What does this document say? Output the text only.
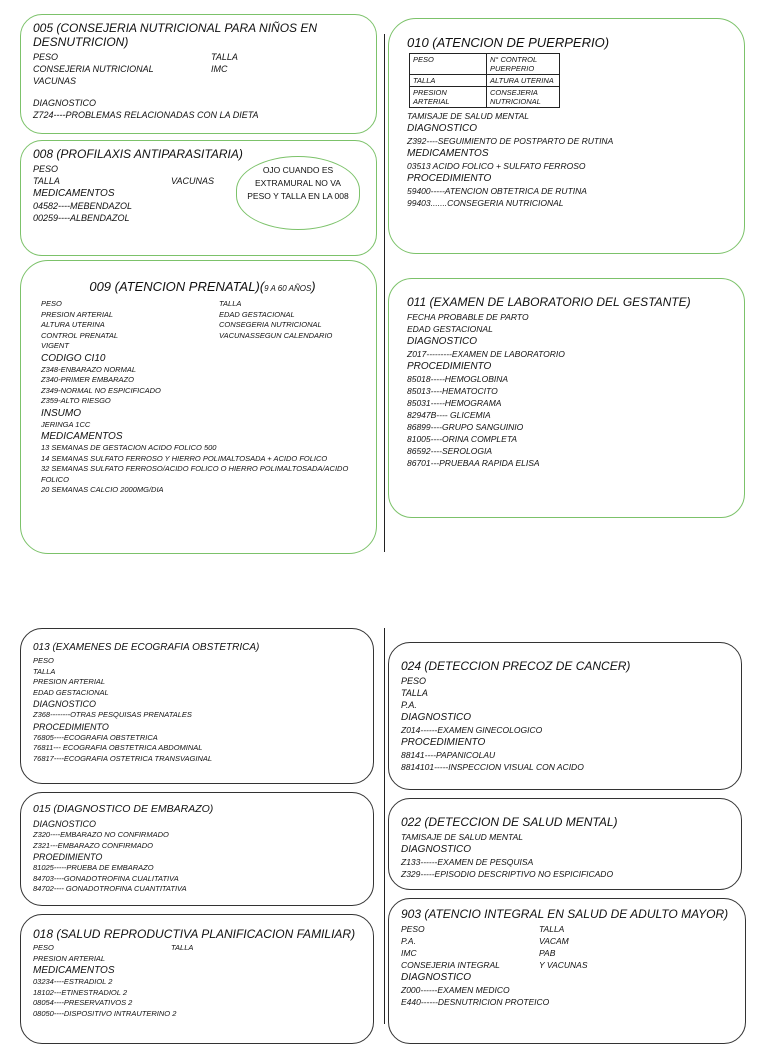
005 (CONSEJERIA NUTRICIONAL PARA NIÑOS EN DESNUTRICION)
PESO	TALLA
CONSEJERIA NUTRICIONAL	IMC
VACUNAS
DIAGNOSTICO
Z724----PROBLEMAS RELACIONADAS CON LA DIETA
008 (PROFILAXIS ANTIPARASITARIA)
PESO
TALLA	VACUNAS
MEDICAMENTOS
04582----MEBENDAZOL
00259----ALBENDAZOL
OJO CUANDO ES EXTRAMURAL NO VA PESO Y TALLA EN LA 008
009 (ATENCION PRENATAL)(9 A 60 AÑOS)
PESO	TALLA
PRESION ARTERIAL	EDAD GESTACIONAL
ALTURA UTERINA	CONSEGERIA NUTRICIONAL
CONTROL PRENATAL	VACUNASSEGUN CALENDARIO
VIGENT
CODIGO CI10
Z348-ENBARAZO NORMAL
Z340-PRIMER EMBARAZO
Z349-NORMAL NO ESPICIFICADO
Z359-ALTO RIESGO
INSUMO
JERINGA 1CC
MEDICAMENTOS
13 SEMANAS DE GESTACION ACIDO FOLICO 500
14 SEMANAS SULFATO FERROSO Y HIERRO POLIMALTOSADA + ACIDO FOLICO
32 SEMANAS SULFATO FERROSO/ACIDO FOLICO O HIERRO POLIMALTOSADA/ACIDO
FOLICO
20 SEMANAS CALCIO 2000MG/DIA
010 (ATENCION DE PUERPERIO)
PESO	N° CONTROL PUERPERIO
TALLA	ALTURA UTERINA
PRESION ARTERIAL	CONSEJERIA NUTRICIONAL
TAMISAJE DE SALUD MENTAL
DIAGNOSTICO
Z392----SEGUIMIENTO DE POSTPARTO DE RUTINA
MEDICAMENTOS
03513 ACIDO FOLICO + SULFATO FERROSO
PROCEDIMIENTO
59400-----ATENCION OBTETRICA DE RUTINA
99403.......CONSEGERIA NUTRICIONAL
011 (EXAMEN DE LABORATORIO DEL GESTANTE)
FECHA PROBABLE DE PARTO
EDAD GESTACIONAL
DIAGNOSTICO
Z017---------EXAMEN DE LABORATORIO
PROCEDIMIENTO
85018-----HEMOGLOBINA
85013----HEMATOCITO
85031-----HEMOGRAMA
82947B---- GLICEMIA
86899----GRUPO SANGUINIO
81005----ORINA COMPLETA
86592----SEROLOGIA
86701---PRUEBAA RAPIDA ELISA
013 (EXAMENES DE ECOGRAFIA OBSTETRICA)
PESO
TALLA
PRESION ARTERIAL
EDAD GESTACIONAL
DIAGNOSTICO
Z368--------OTRAS PESQUISAS PRENATALES
PROCEDIMIENTO
76805----ECOGRAFIA OBSTETRICA
76811--- ECOGRAFIA OBSTETRICA ABDOMINAL
76817----ECOGRAFIA OSTETRICA TRANSVAGINAL
015 (DIAGNOSTICO DE EMBARAZO)
DIAGNOSTICO
Z320----EMBARAZO NO CONFIRMADO
Z321---EMBARAZO CONFIRMADO
PROEDIMIENTO
81025-----PRUEBA DE EMBARAZO
84703----GONADOTROFINA CUALITATIVA
84702---- GONADOTROFINA CUANTITATIVA
018 (SALUD REPRODUCTIVA PLANIFICACION FAMILIAR)
PESO	TALLA
PRESION ARTERIAL
MEDICAMENTOS
03234----ESTRADIOL 2
18102---ETINESTRADIOL 2
08054----PRESERVATIVOS 2
08050----DISPOSITIVO INTRAUTERINO 2
024 (DETECCION PRECOZ DE CANCER)
PESO
TALLA
P.A.
DIAGNOSTICO
Z014------EXAMEN GINECOLOGICO
PROCEDIMIENTO
88141----PAPANICOLAU
8814101-----INSPECCION VISUAL CON ACIDO
022 (DETECCION DE SALUD MENTAL)
TAMISAJE DE SALUD MENTAL
DIAGNOSTICO
Z133------EXAMEN DE PESQUISA
Z329-----EPISODIO DESCRIPTIVO NO ESPICIFICADO
903 (ATENCIO INTEGRAL EN SALUD DE ADULTO MAYOR)
PESO	TALLA
P.A.	VACAM
IMC	PAB
CONSEJERIA INTEGRAL	Y VACUNAS
DIAGNOSTICO
Z000------EXAMEN MEDICO
E440------DESNUTRICION PROTEICO
